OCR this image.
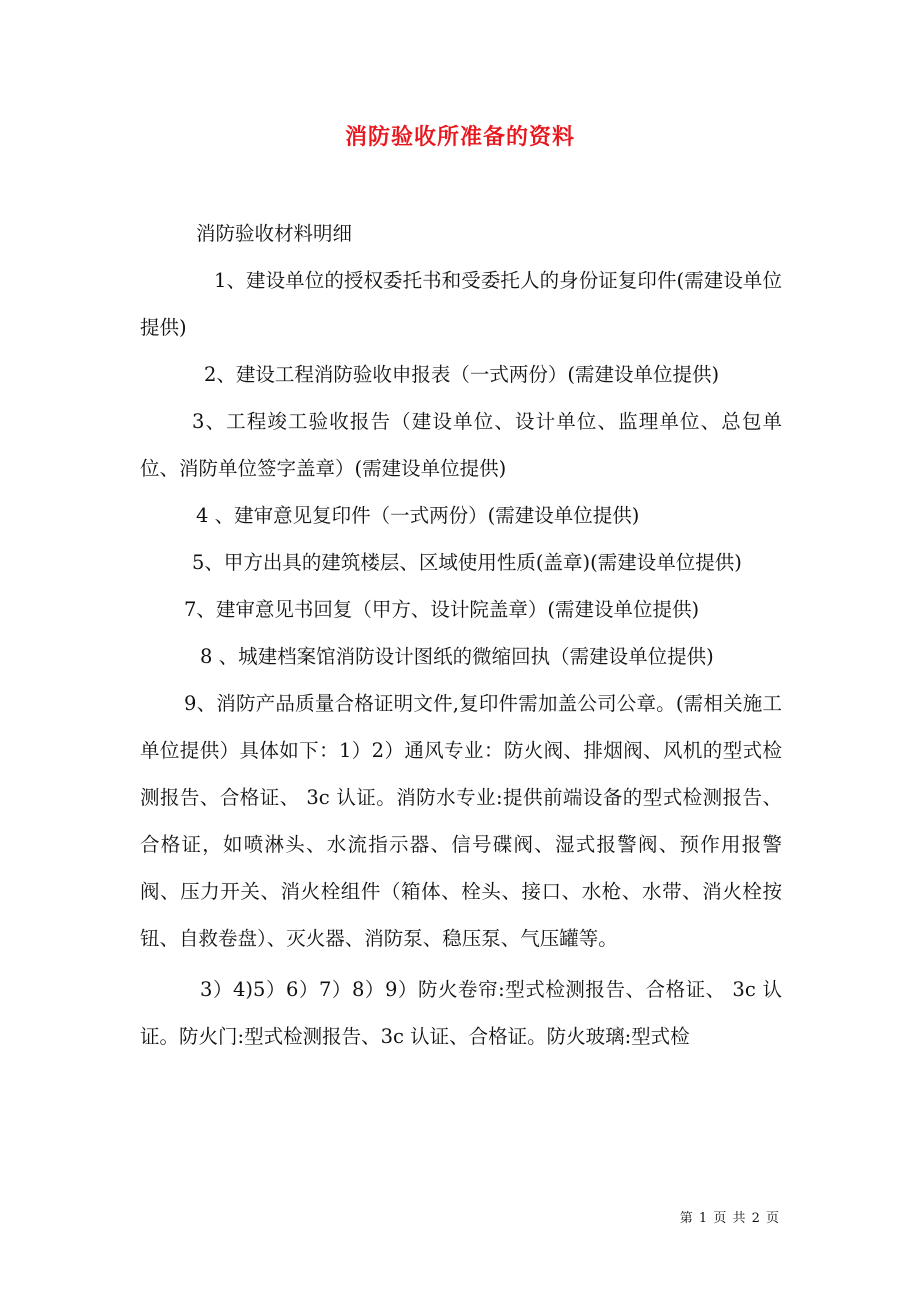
消防验收所准备的资料

消防验收材料明细

1、建设单位的授权委托书和受委托人的身份证复印件(需建设单位提供)

2、建设工程消防验收申报表（一式两份）(需建设单位提供)

3、工程竣工验收报告（建设单位、设计单位、监理单位、总包单位、消防单位签字盖章）(需建设单位提供)

4 、建审意见复印件（一式两份）(需建设单位提供)

5、甲方出具的建筑楼层、区域使用性质(盖章)(需建设单位提供)

7、建审意见书回复（甲方、设计院盖章）(需建设单位提供)

8 、城建档案馆消防设计图纸的微缩回执（需建设单位提供)

9、消防产品质量合格证明文件,复印件需加盖公司公章。(需相关施工单位提供）具体如下：1）2）通风专业：防火阀、排烟阀、风机的型式检测报告、合格证、 3c 认证。消防水专业:提供前端设备的型式检测报告、合格证，如喷淋头、水流指示器、信号碟阀、湿式报警阀、预作用报警阀、压力开关、消火栓组件（箱体、栓头、接口、水枪、水带、消火栓按钮、自救卷盘）、灭火器、消防泵、稳压泵、气压罐等。

3）4)5）6）7）8）9）防火卷帘:型式检测报告、合格证、 3c 认证。防火门:型式检测报告、3c 认证、合格证。防火玻璃:型式检

第 1 页 共 2 页
